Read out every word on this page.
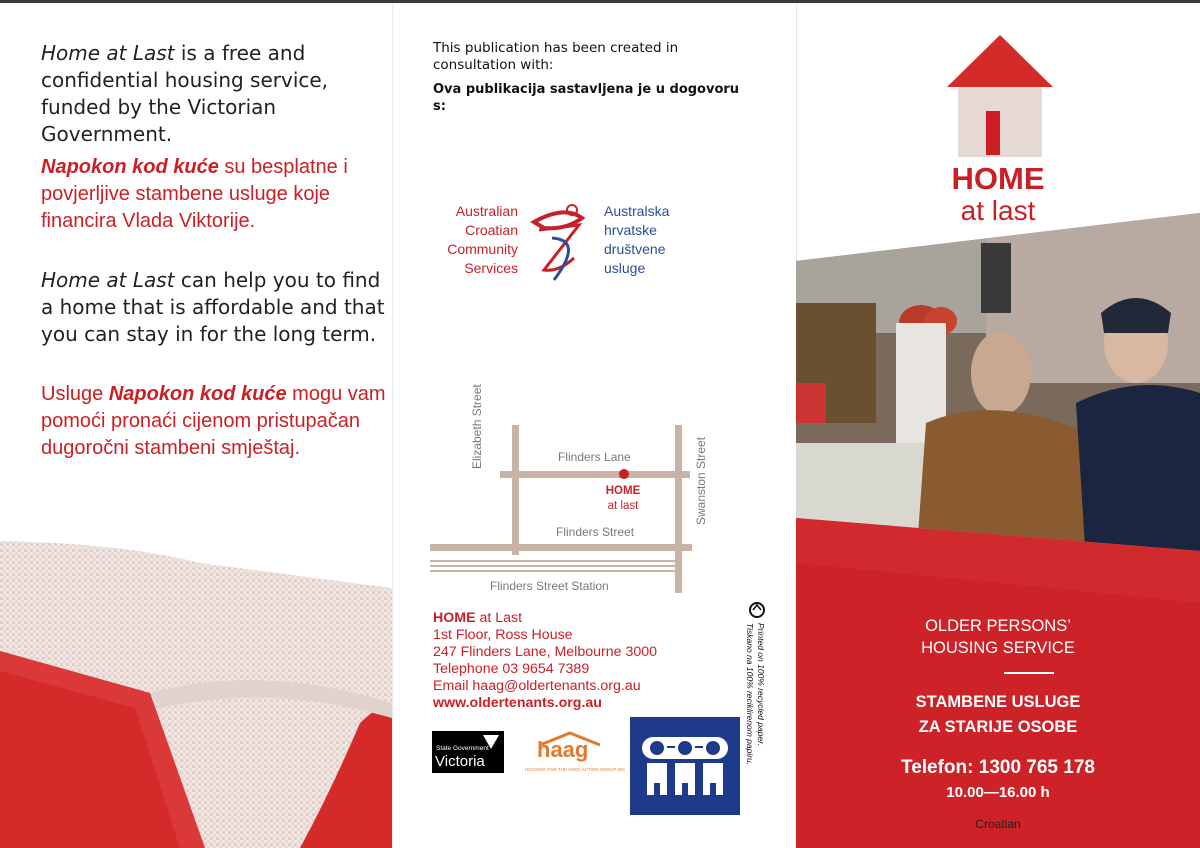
Home at Last is a free and confidential housing service, funded by the Victorian Government.
Napokon kod kuće su besplatne i povjerljive stambene usluge koje financira Vlada Viktorije.
Home at Last can help you to find a home that is affordable and that you can stay in for the long term.
Usluge Napokon kod kuće mogu vam pomoći pronaći cijenom pristupačan dugoročni stambeni smještaj.
This publication has been created in consultation with:
Ova publikacija sastavljena je u dogovoru s:
Australian
Croatian
Community
Services
Australska
hrvatske
društvene
usluge
Elizabeth Street
Swanston Street
Flinders Lane
Flinders Street
Flinders Street Station
HOME
at last
HOME at Last
1st Floor, Ross House
247 Flinders Lane, Melbourne 3000
Telephone 03 9654 7389
Email haag@oldertenants.org.au
www.oldertenants.org.au
State Government
Victoria haag
HOUSING FOR THE AGED ACTION GROUP INC
Printed on 100% recycled paper.
Tiskano na 100% reciklirenom papiru.
HOME
at last
OLDER PERSONS’
HOUSING SERVICE
STAMBENE USLUGE
ZA STARIJE OSOBE
Telefon: 1300 765 178
10.00—16.00 h
Croatian
